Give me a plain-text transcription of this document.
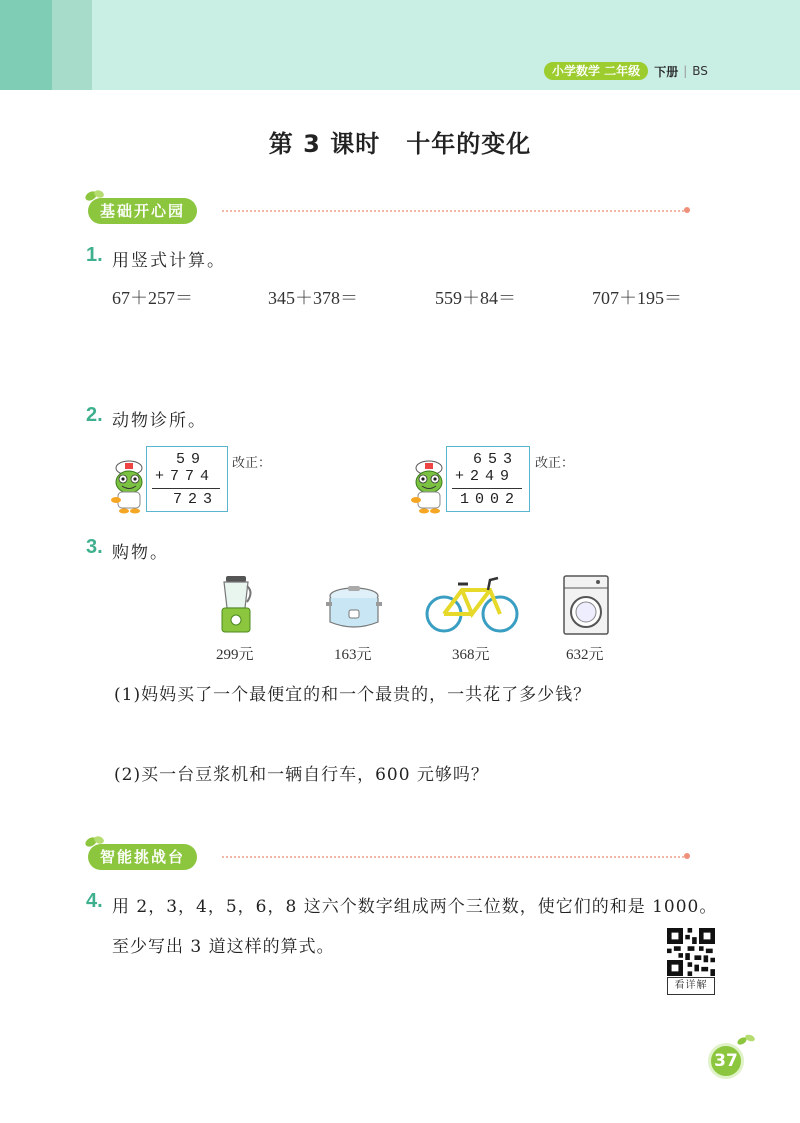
小学数学 二年级	下册 | BS
第 3 课时 十年的变化
基础开心园
1. 用竖式计算。
67＋257＝	345＋378＝	559＋84＝	707＋195＝
2. 动物诊所。
59
+774
723
改正：	653
+249
1002
改正：
3. 购物。
299元	163元	368元	632元
(1)妈妈买了一个最便宜的和一个最贵的，一共花了多少钱？
(2)买一台豆浆机和一辆自行车，600 元够吗？
智能挑战台
4. 用 2，3，4，5，6，8 这六个数字组成两个三位数，使它们的和是 1000。
至少写出 3 道这样的算式。
看详解
37
